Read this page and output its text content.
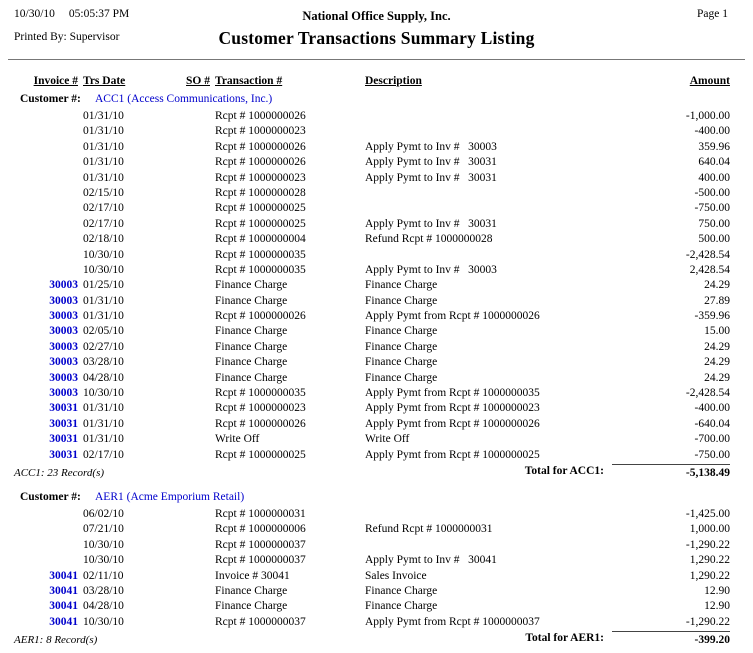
10/30/10 05:05:37 PM	National Office Supply, Inc.	Page 1
Printed By: Supervisor	Customer Transactions Summary Listing
Invoice # Trs Date	SO # Transaction #	Description	Amount
Customer #: ACC1 (Access Communications, Inc.)
01/31/10	Rcpt # 1000000026	-1,000.00
01/31/10	Rcpt # 1000000023	-400.00
01/31/10	Rcpt # 1000000026	Apply Pymt to Inv #   30003	359.96
01/31/10	Rcpt # 1000000026	Apply Pymt to Inv #   30031	640.04
01/31/10	Rcpt # 1000000023	Apply Pymt to Inv #   30031	400.00
02/15/10	Rcpt # 1000000028	-500.00
02/17/10	Rcpt # 1000000025	-750.00
02/17/10	Rcpt # 1000000025	Apply Pymt to Inv #   30031	750.00
02/18/10	Rcpt # 1000000004	Refund Rcpt # 1000000028	500.00
10/30/10	Rcpt # 1000000035	-2,428.54
10/30/10	Rcpt # 1000000035	Apply Pymt to Inv #   30003	2,428.54
30003 01/25/10	Finance Charge	Finance Charge	24.29
30003 01/31/10	Finance Charge	Finance Charge	27.89
30003 01/31/10	Rcpt # 1000000026	Apply Pymt from Rcpt # 1000000026	-359.96
30003 02/05/10	Finance Charge	Finance Charge	15.00
30003 02/27/10	Finance Charge	Finance Charge	24.29
30003 03/28/10	Finance Charge	Finance Charge	24.29
30003 04/28/10	Finance Charge	Finance Charge	24.29
30003 10/30/10	Rcpt # 1000000035	Apply Pymt from Rcpt # 1000000035	-2,428.54
30031 01/31/10	Rcpt # 1000000023	Apply Pymt from Rcpt # 1000000023	-400.00
30031 01/31/10	Rcpt # 1000000026	Apply Pymt from Rcpt # 1000000026	-640.04
30031 01/31/10	Write Off	Write Off	-700.00
30031 02/17/10	Rcpt # 1000000025	Apply Pymt from Rcpt # 1000000025	-750.00
ACC1: 23 Record(s)	Total for ACC1:	-5,138.49
Customer #: AER1 (Acme Emporium Retail)
06/02/10	Rcpt # 1000000031	-1,425.00
07/21/10	Rcpt # 1000000006	Refund Rcpt # 1000000031	1,000.00
10/30/10	Rcpt # 1000000037	-1,290.22
10/30/10	Rcpt # 1000000037	Apply Pymt to Inv #   30041	1,290.22
30041 02/11/10	Invoice # 30041	Sales Invoice	1,290.22
30041 03/28/10	Finance Charge	Finance Charge	12.90
30041 04/28/10	Finance Charge	Finance Charge	12.90
30041 10/30/10	Rcpt # 1000000037	Apply Pymt from Rcpt # 1000000037	-1,290.22
AER1: 8 Record(s)	Total for AER1:	-399.20
